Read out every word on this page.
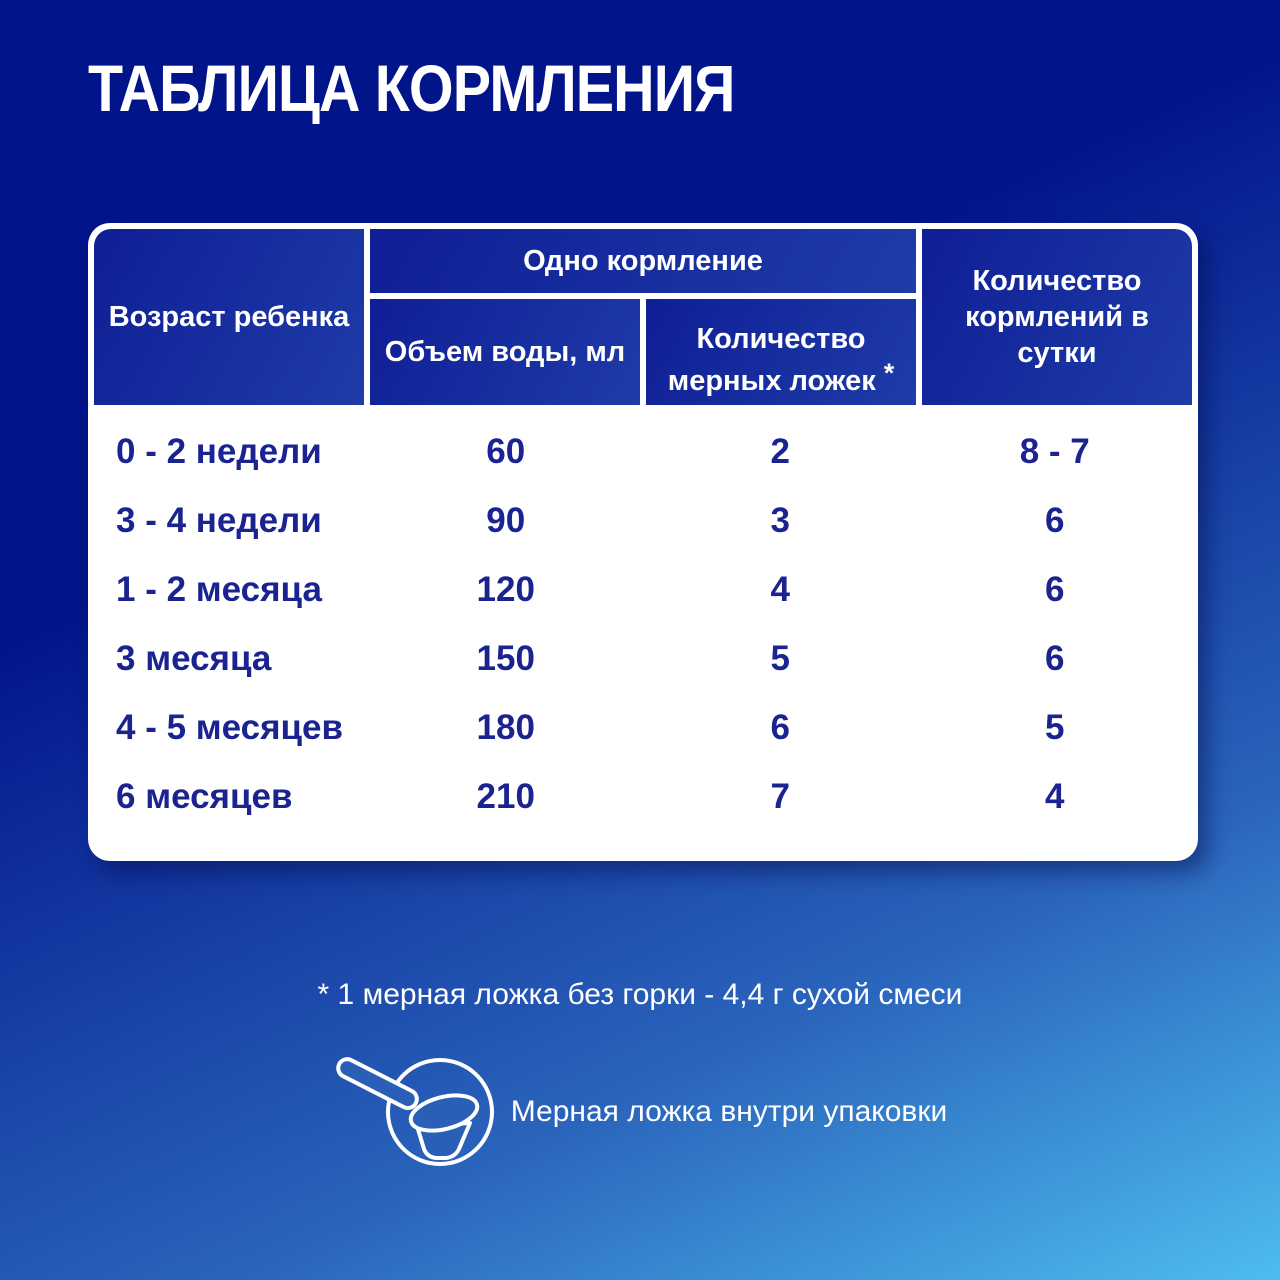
ТАБЛИЦА КОРМЛЕНИЯ
Возраст ребенка
Одно кормление
Объем воды, мл	Количество мерных ложек *
Количество кормлений в сутки
0 - 2 недели	60	2	8 - 7
3 - 4 недели	90	3	6
1 - 2 месяца	120	4	6
3 месяца	150	5	6
4 - 5 месяцев	180	6	5
6 месяцев	210	7	4
* 1 мерная ложка без горки - 4,4 г сухой смеси
Мерная ложка внутри упаковки
